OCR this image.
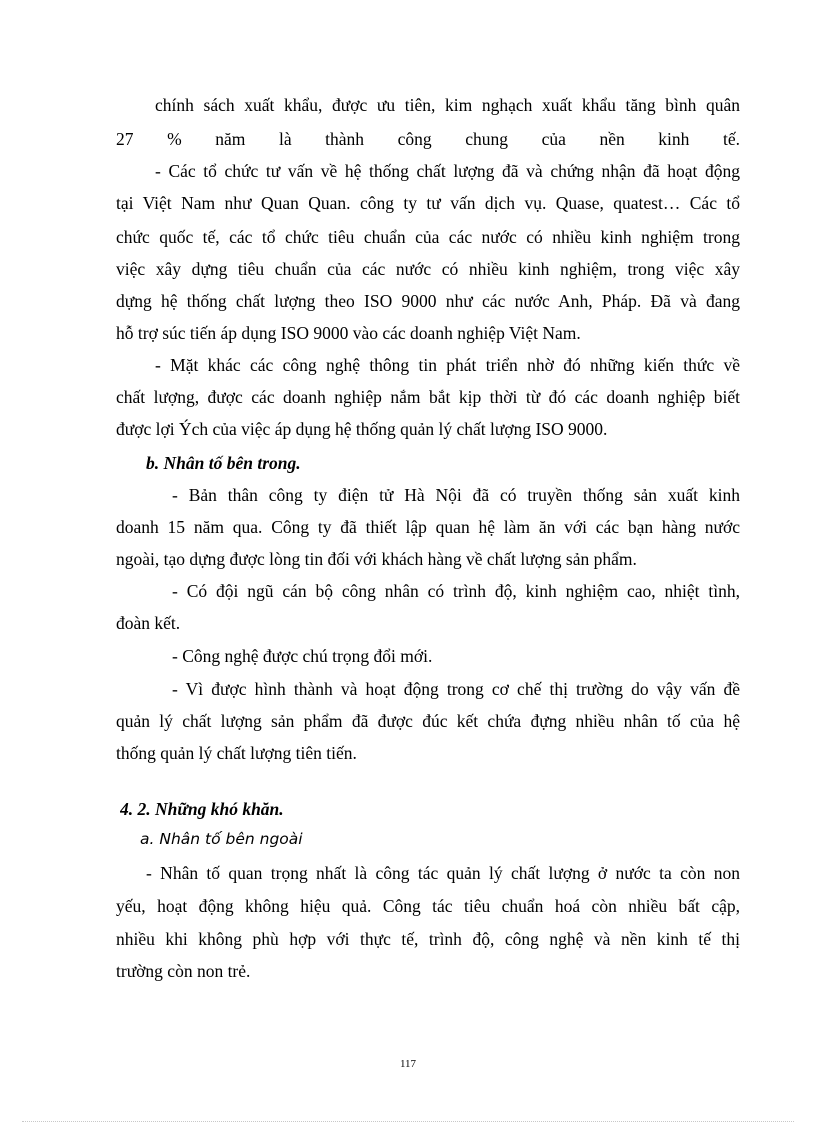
chính sách xuất khẩu, được ưu tiên, kim nghạch xuất khẩu tăng bình quân
27 % năm là thành công chung của nền kinh tế.
- Các tổ chức tư vấn về hệ thống chất lượng đã và chứng nhận đã hoạt động
tại Việt Nam như Quan Quan. công ty tư vấn dịch vụ. Quase, quatest… Các tổ
chức quốc tế, các tổ chức tiêu chuẩn của các nước có nhiều kinh nghiệm trong
việc xây dựng tiêu chuẩn của các nước có nhiều kinh nghiệm, trong việc xây
dựng hệ thống chất lượng theo ISO 9000 như các nước Anh, Pháp. Đã và đang
hỗ trợ súc tiến áp dụng ISO 9000 vào các doanh nghiệp Việt Nam.
- Mặt khác các công nghệ thông tin phát triển nhờ đó những kiến thức về
chất lượng, được các doanh nghiệp nắm bắt kịp thời từ đó các doanh nghiệp biết
được lợi Ých của việc áp dụng hệ thống quản lý chất lượng ISO 9000.
b. Nhân tố bên trong.
- Bản thân công ty điện tử Hà Nội đã có truyền thống sản xuất kinh
doanh 15 năm qua. Công ty đã thiết lập quan hệ làm ăn với các bạn hàng nước
ngoài, tạo dựng được lòng tin đối với khách hàng về chất lượng sản phẩm.
- Có đội ngũ cán bộ công nhân có trình độ, kinh nghiệm cao, nhiệt tình,
đoàn kết.
- Công nghệ được chú trọng đổi mới.
- Vì được hình thành và hoạt động trong cơ chế thị trường do vậy vấn đề
quản lý chất lượng sản phẩm đã được đúc kết chứa đựng nhiều nhân tố của hệ
thống quản lý chất lượng tiên tiến.
4. 2. Những khó khăn.
a. Nhân tố bên ngoài
- Nhân tố quan trọng nhất là công tác quản lý chất lượng ở nước ta còn non
yếu, hoạt động không hiệu quả. Công tác tiêu chuẩn hoá còn nhiều bất cập,
nhiều khi không phù hợp với thực tế, trình độ, công nghệ và nền kinh tế thị
trường còn non trẻ.
117
